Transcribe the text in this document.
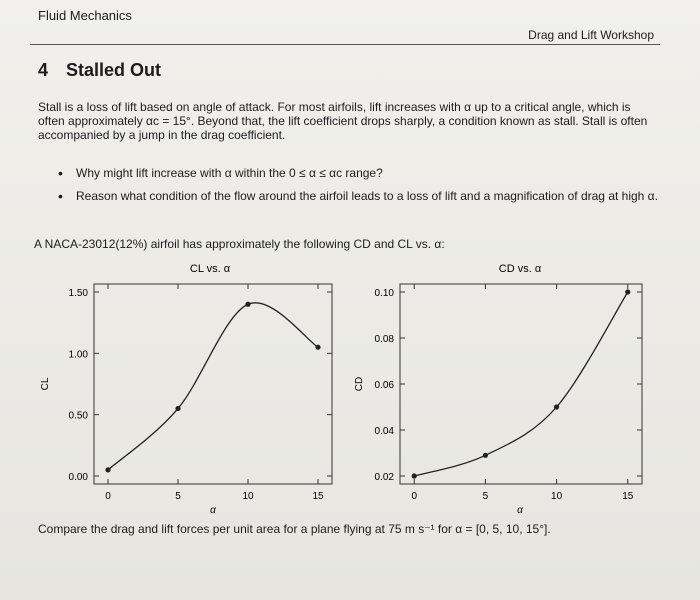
Fluid Mechanics
Drag and Lift Workshop
4 Stalled Out
Stall is a loss of lift based on angle of attack. For most airfoils, lift increases with α up to a critical angle, which is
often approximately αc = 15°. Beyond that, the lift coefficient drops sharply, a condition known as stall. Stall is often
accompanied by a jump in the drag coefficient.
• Why might lift increase with α within the 0 ≤ α ≤ αc range?
• Reason what condition of the flow around the airfoil leads to a loss of lift and a magnification of drag at high α.
A NACA-23012(12%) airfoil has approximately the following CD and CL vs. α:
CL vs. α
0.00
0.50
1.00
1.50
0	5	10	15
CL
α
CD vs. α
0.02
0.04
0.06
0.08
0.10
0	5	10	15
CD
α
Compare the drag and lift forces per unit area for a plane flying at 75 m s⁻¹ for α = [0, 5, 10, 15°].
